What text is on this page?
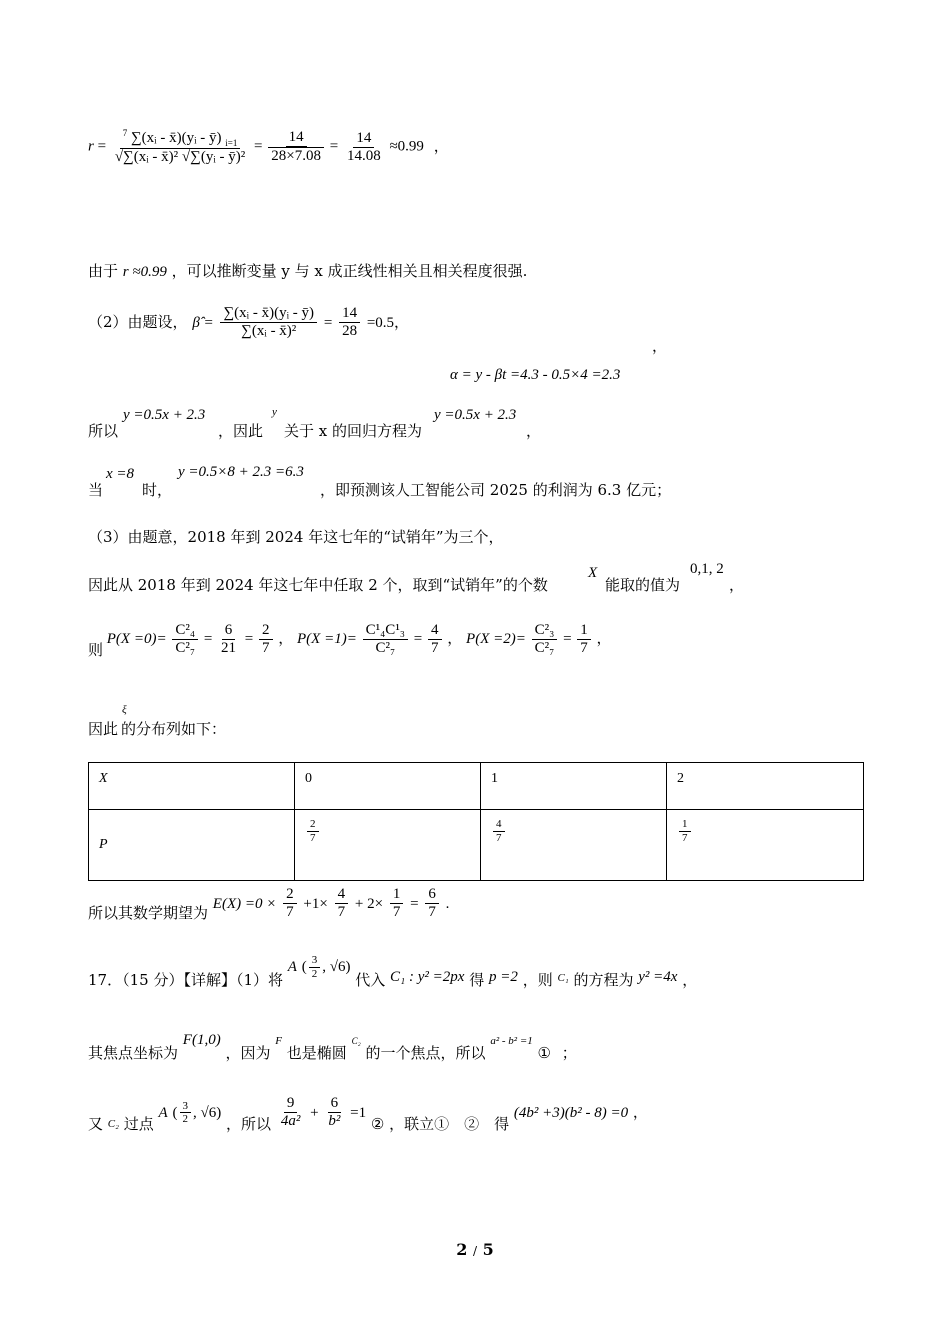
$r = \frac{^7 \sum(xᵢ - x̄)(yᵢ - ȳ) _{i=1}}{\text{√∑(xᵢ - x̄)² √∑(yᵢ - ȳ)²}} = \frac{14}{28\times 7.08} = \frac{14}{14.08} \approx 0.99$ ，
由于 r ≈0.99 ，可以推断变量 y 与 x 成正线性相关且相关程度很强.
（2）由题设， β̂ = $\frac{\text{∑(xᵢ - x̄)(yᵢ - ȳ)}}{\text{∑(xᵢ - x̄)²}} = \frac{14}{28} =0.5$，
，
α = y - βt =4.3 - 0.5×4 =2.3
所以
y =0.5x + 2.3
，因此
y
关于 x 的回归方程为
y =0.5x + 2.3
，
当
x =8
时，
y =0.5×8 + 2.3 =6.3
，即预测该人工智能公司 2025 的利润为 6.3 亿元；
（3）由题意，2018 年到 2024 年这七年的“试销年”为三个，
因此从 2018 年到 2024 年这七年中任取 2 个，取到“试销年”的个数
X
能取的值为
0,1, 2
，
则 $P(X =0)= \frac{\text{C²₄}}{\text{C²₇}} = \frac{6}{21} = \frac{2}{7}$ ， $P(X =1)= \frac{\text{C¹₄C¹₃}}{\text{C²₇}} = \frac{4}{7}$ ， $P(X =2)= \frac{\text{C²₃}}{\text{C²₇}} = \frac{1}{7}$ ，
因此
ξ
的分布列如下：
X	0	1	2
P	$\frac{2}{7}$	$\frac{4}{7}$	$\frac{1}{7}$
所以其数学期望为 $E(X) =0 \times \frac{2}{7} +1\times \frac{4}{7} + 2\times \frac{1}{7} = \frac{6}{7}$ .
17．（15 分）【详解】（1）将 A ( $\frac{3}{2}$ , √6) 代入 C₁ : y² =2px 得 p =2 ，则 $_{C_1}$ 的方程为 y² =4x ，
其焦点坐标为 F(1,0) ，因为 F 也是椭圆 C₂ 的一个焦点，所以 a² - b² =1 ① ；
又 $_{C_2}$ 过点 A ( $\frac{3}{2}$ , √6) ，所以 $\frac{9}{\text{4a²}} + \frac{6}{\text{b²}} =1$ ② ，联立①　②　得 (4b² +3)(b² - 8) =0 ，
2 / 5
